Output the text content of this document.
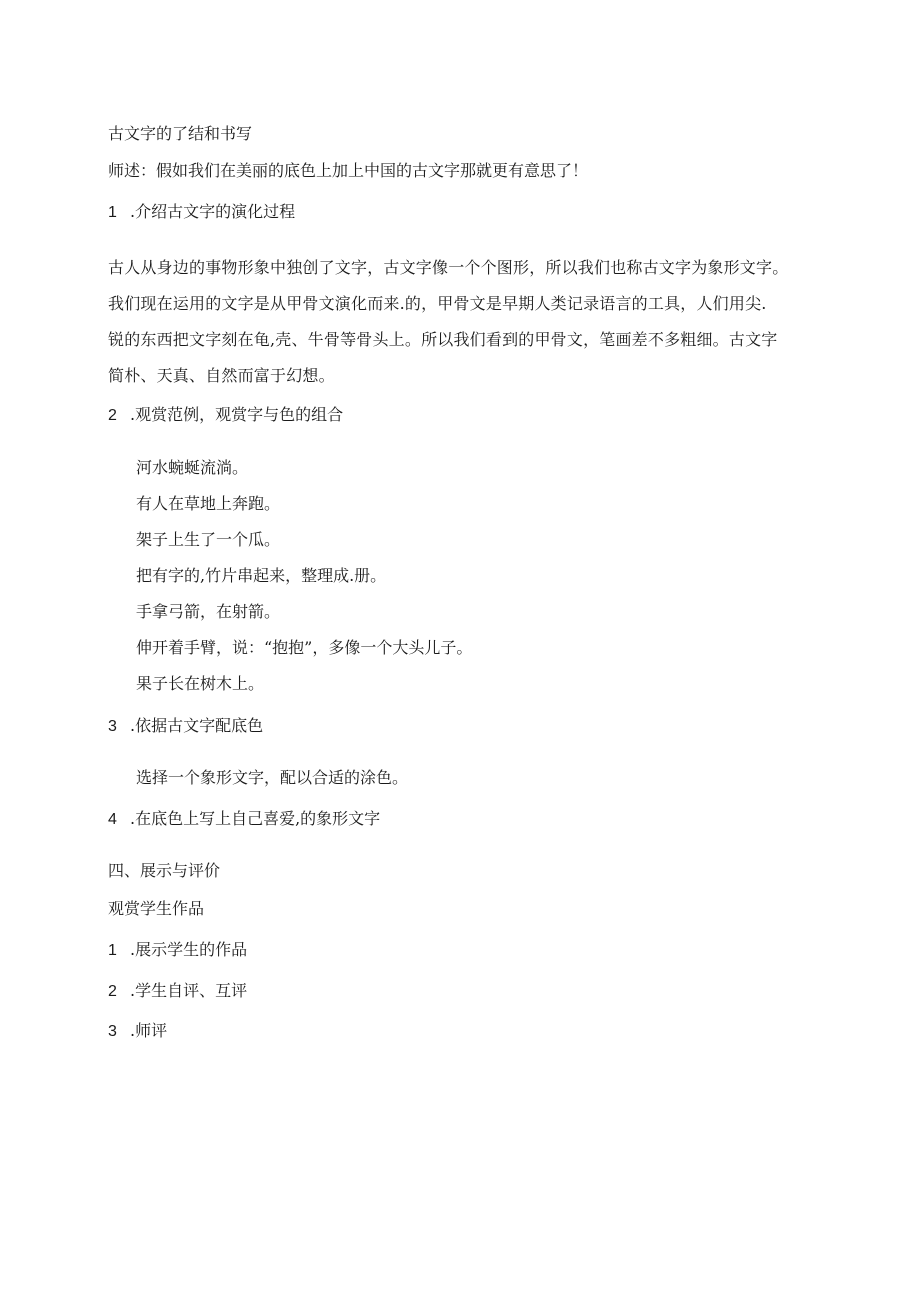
古文字的了结和书写
师述：假如我们在美丽的底色上加上中国的古文字那就更有意思了！
1 .介绍古文字的演化过程
古人从身边的事物形象中独创了文字，古文字像一个个图形，所以我们也称古文字为象形文字。
我们现在运用的文字是从甲骨文演化而来.的，甲骨文是早期人类记录语言的工具，人们用尖.
锐的东西把文字刻在龟,壳、牛骨等骨头上。所以我们看到的甲骨文，笔画差不多粗细。古文字
简朴、天真、自然而富于幻想。
2 .观赏范例，观赏字与色的组合
河水蜿蜒流淌。
有人在草地上奔跑。
架子上生了一个瓜。
把有字的,竹片串起来，整理成.册。
手拿弓箭，在射箭。
伸开着手臂，说：“抱抱”，多像一个大头儿子。
果子长在树木上。
3 .依据古文字配底色
选择一个象形文字，配以合适的涂色。
4 .在底色上写上自己喜爱,的象形文字
四、展示与评价
观赏学生作品
1 .展示学生的作品
2 .学生自评、互评
3 .师评
